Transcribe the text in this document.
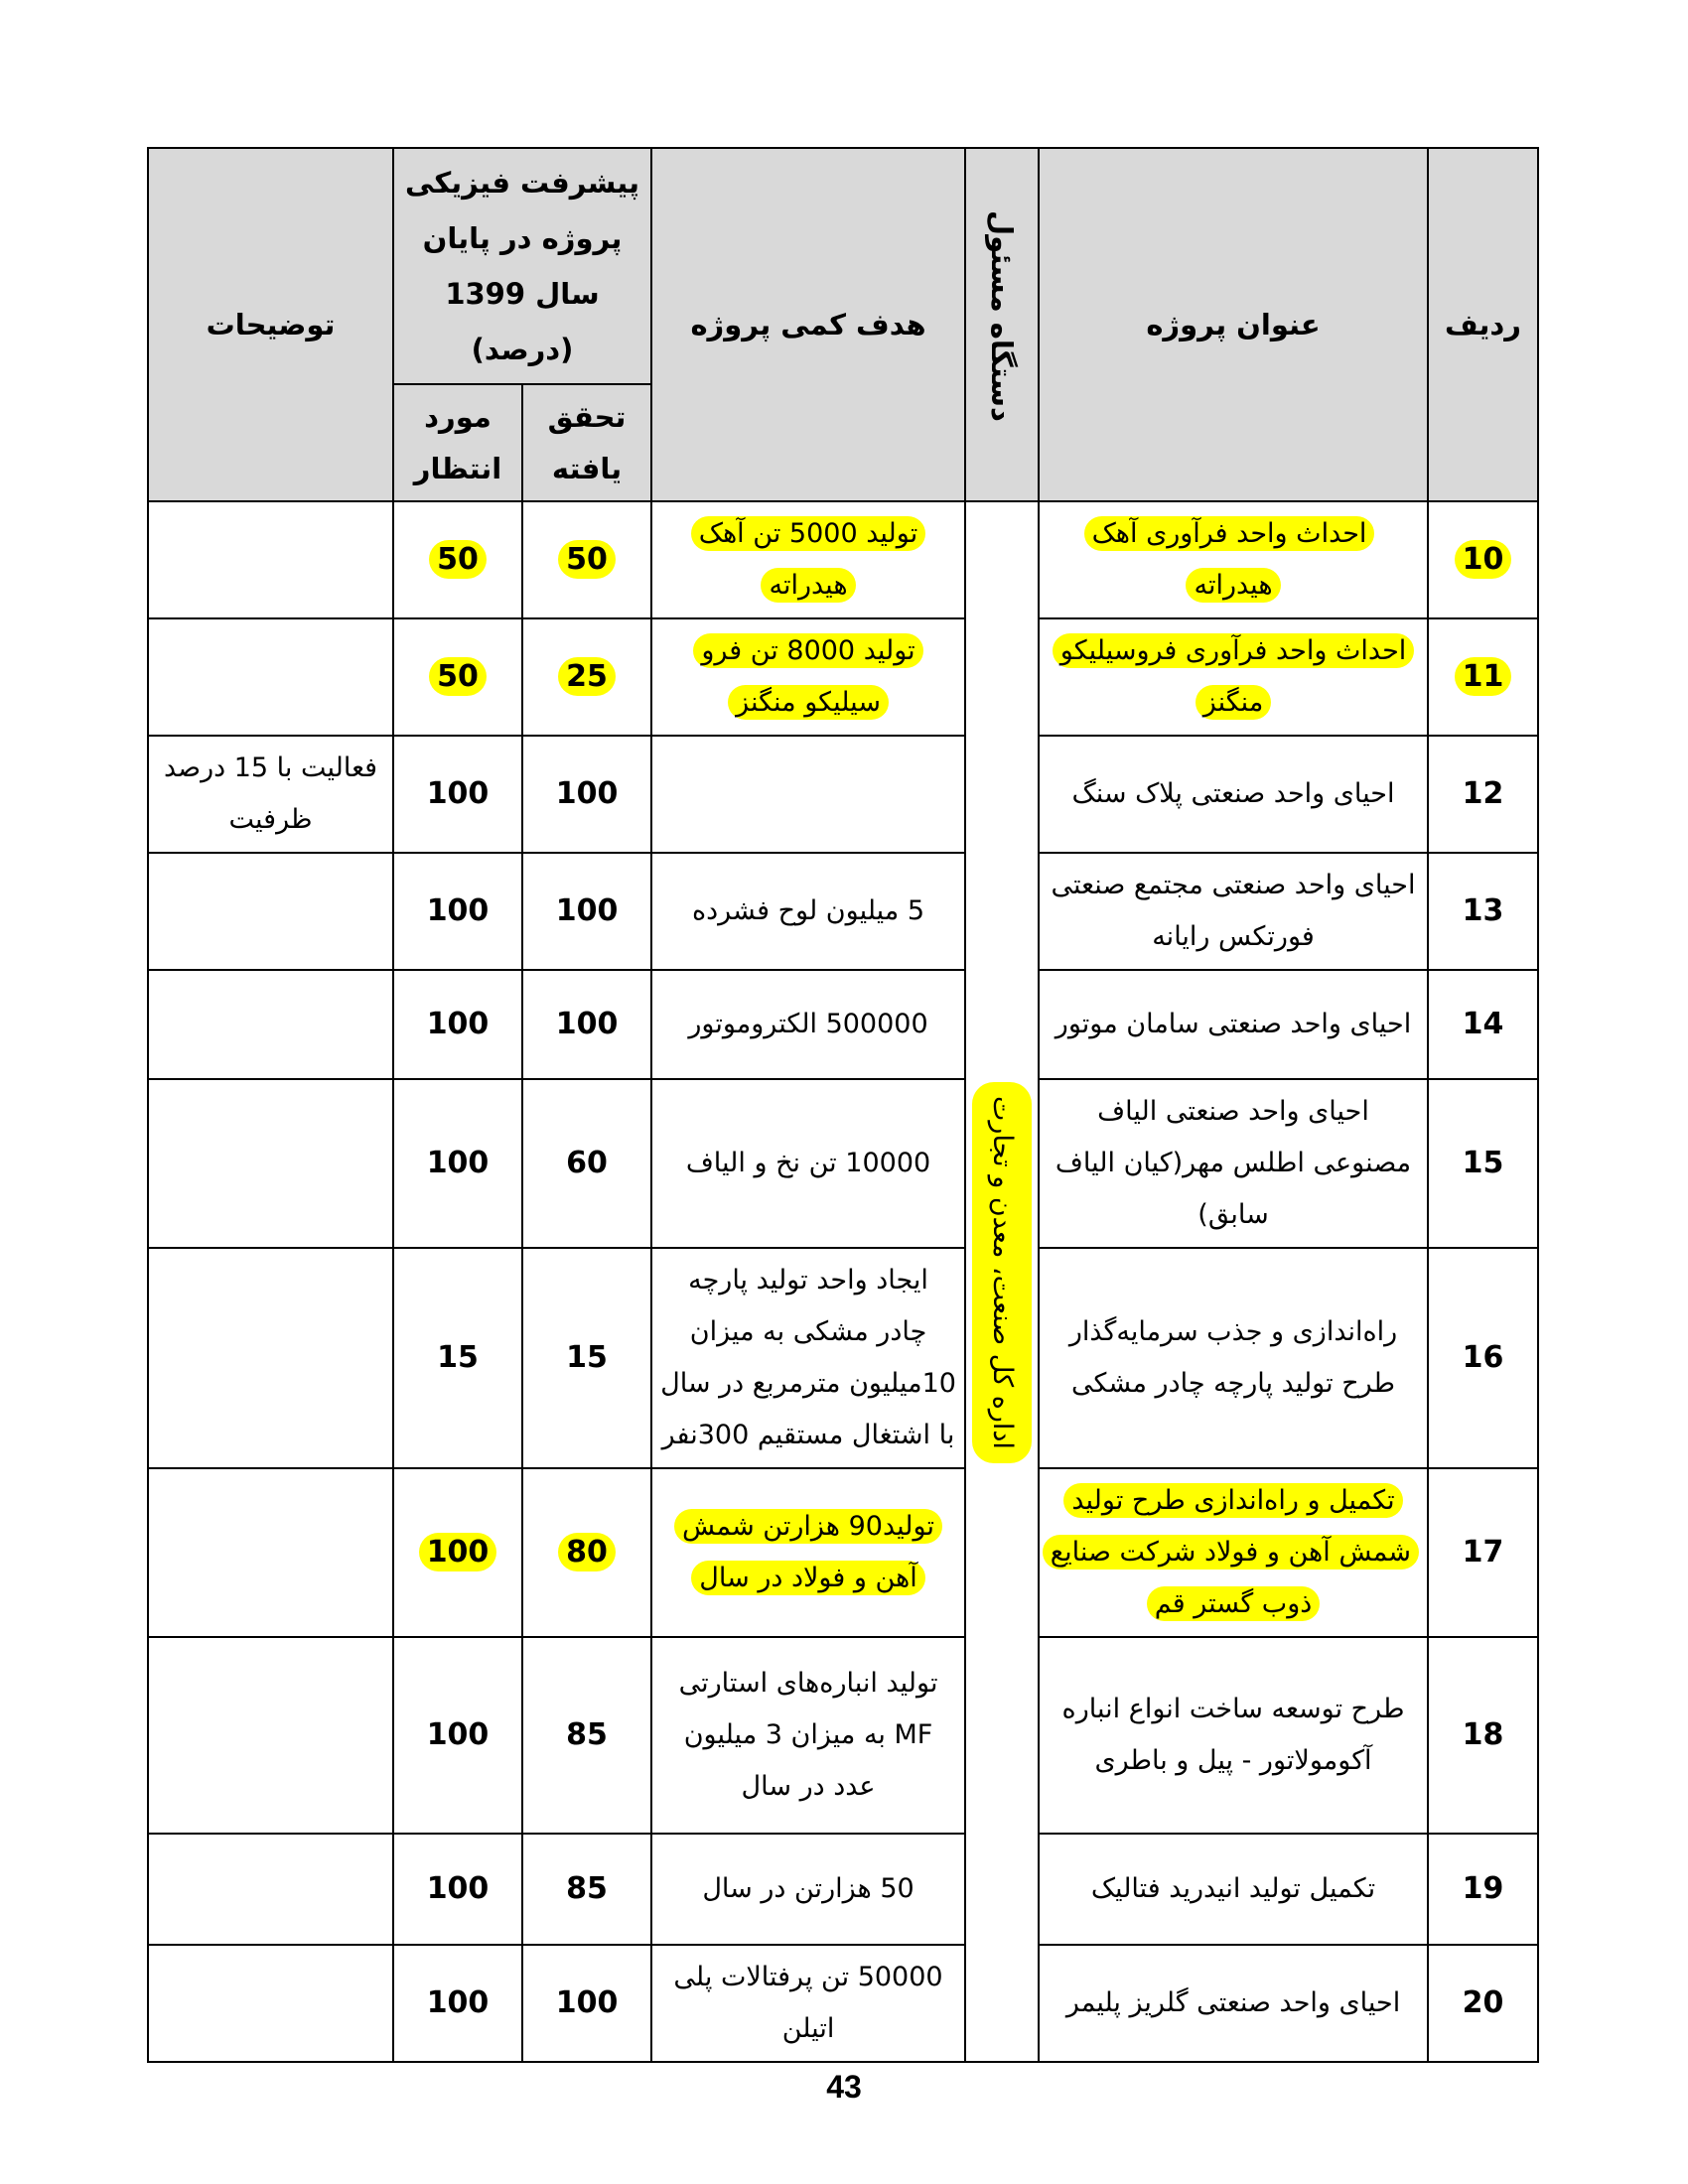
ردیف	عنوان پروژه	دستگاه مسئول	هدف کمی پروژه	پیشرفت فیزیکی پروژه در پایان سال 1399 (درصد)		توضیحات
				تحقق یافته	مورد انتظار	
10	احداث واحد فرآوری آهک هیدراته	اداره کل صنعت، معدن و تجارت	تولید 5000 تن آهک هیدراته	50	50	
11	احداث واحد فرآوری فروسیلیکو منگنز		تولید 8000 تن فرو سیلیکو منگنز	25	50	
12	احیای واحد صنعتی پلاک سنگ			100	100	فعالیت با 15 درصد ظرفیت
13	احیای واحد صنعتی مجتمع صنعتی فورتکس رایانه		5 میلیون لوح فشرده	100	100	
14	احیای واحد صنعتی سامان موتور		500000 الکتروموتور	100	100	
15	احیای واحد صنعتی الیاف مصنوعی اطلس مهر(کیان الیاف سابق)		10000 تن نخ و الیاف	60	100	
16	راه‌اندازی و جذب سرمایه‌گذار طرح تولید پارچه چادر مشکی		ایجاد واحد تولید پارچه چادر مشکی به میزان 10میلیون مترمربع در سال با اشتغال مستقیم 300نفر	15	15	
17	تکمیل و راه‌اندازی طرح تولید شمش آهن و فولاد شرکت صنایع ذوب گستر قم		تولید90 هزارتن شمش آهن و فولاد در سال	80	100	
18	طرح توسعه ساخت انواع انباره آکومولاتور - پیل و باطری		تولید انباره‌های استارتی MF به میزان 3 میلیون عدد در سال	85	100	
19	تکمیل تولید انیدرید فتالیک		50 هزارتن در سال	85	100	
20	احیای واحد صنعتی گلریز پلیمر		50000 تن پرفتالات پلی اتیلن	100	100	
43
